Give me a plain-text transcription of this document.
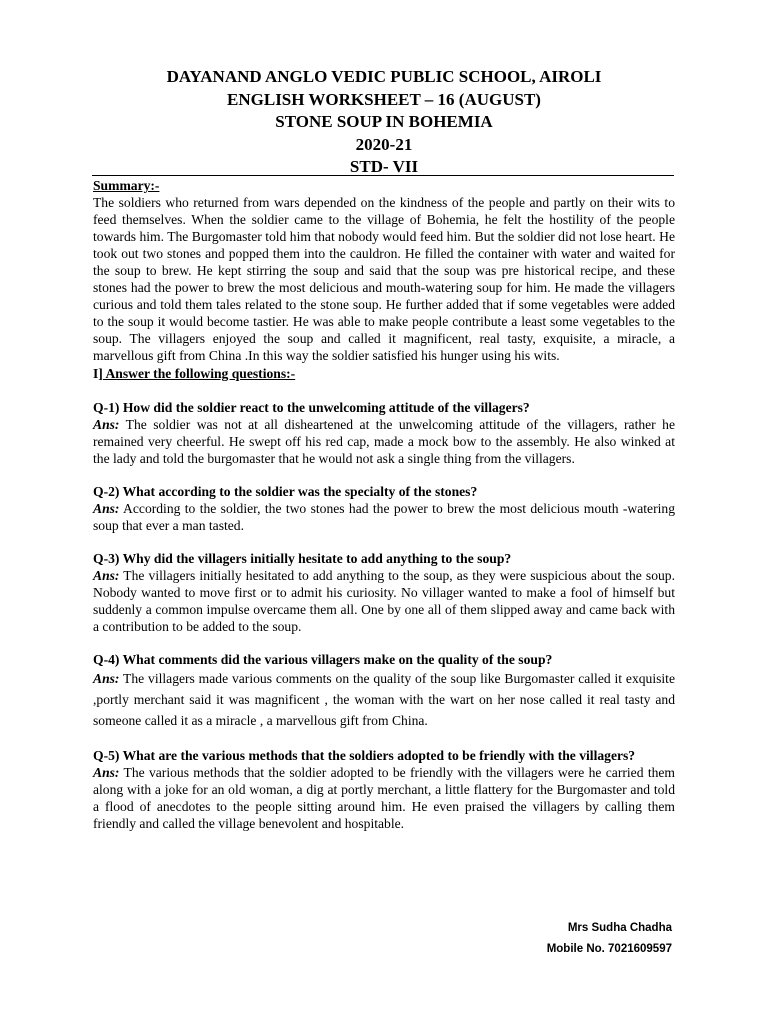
DAYANAND ANGLO VEDIC PUBLIC SCHOOL, AIROLI
ENGLISH WORKSHEET – 16 (AUGUST)
STONE SOUP IN BOHEMIA
2020-21
STD- VII

Summary:-

The soldiers who returned from wars depended on the kindness of the people and partly on their wits to feed themselves. When the soldier came to the village of Bohemia, he felt the hostility of the people towards him. The Burgomaster told him that nobody would feed him. But the soldier did not lose heart. He took out two stones and popped them into the cauldron. He filled the container with water and waited for the soup to brew. He kept stirring the soup and said that the soup was pre historical recipe, and these stones had the power to brew the most delicious and mouth-watering soup for him. He made the villagers curious and told them tales related to the stone soup. He further added that if some vegetables were added to the soup it would become tastier. He was able to make people contribute a least some vegetables to the soup. The villagers enjoyed the soup and called it magnificent, real tasty, exquisite, a miracle, a marvellous gift from China .In this way the soldier satisfied his hunger using his wits.

I] Answer the following questions:-

Q-1) How did the soldier react to the unwelcoming attitude of the villagers?

Ans: The soldier was not at all disheartened at the unwelcoming attitude of the villagers, rather he remained very cheerful. He swept off his red cap, made a mock bow to the assembly. He also winked at the lady and told the burgomaster that he would not ask a single thing from the villagers.

Q-2) What according to the soldier was the specialty of the stones?

Ans: According to the soldier, the two stones had the power to brew the most delicious mouth -watering soup that ever a man tasted.

Q-3) Why did the villagers initially hesitate to add anything to the soup?

Ans: The villagers initially hesitated to add anything to the soup, as they were suspicious about the soup. Nobody wanted to move first or to admit his curiosity. No villager wanted to make a fool of himself but suddenly a common impulse overcame them all. One by one all of them slipped away and came back with a contribution to be added to the soup.

Q-4) What comments did the various villagers make on the quality of the soup?

Ans: The villagers made various comments on the quality of the soup like Burgomaster called it exquisite ,portly merchant said it was magnificent , the woman with the wart on her nose called it real tasty and someone called it as a miracle , a marvellous gift from China.

Q-5) What are the various methods that the soldiers adopted to be friendly with the villagers?

Ans: The various methods that the soldier adopted to be friendly with the villagers were he carried them along with a joke for an old woman, a dig at portly merchant, a little flattery for the Burgomaster and told a flood of anecdotes to the people sitting around him. He even praised the villagers by calling them friendly and called the village benevolent and hospitable.

Mrs Sudha Chadha
Mobile No. 7021609597
